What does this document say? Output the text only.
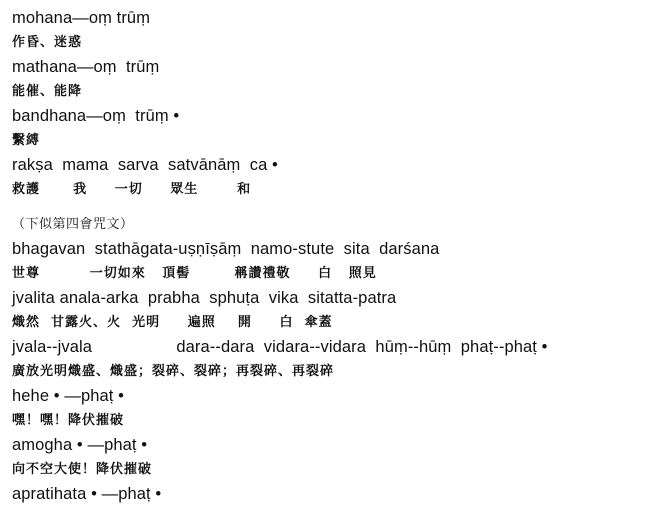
mohana—oṃ trūṃ
作昏、迷惑
mathana—oṃ  trūṃ
能催、能降
bandhana—oṃ  trūṃ •
繫縛
rakṣa  mama  sarva  satvānāṃ  ca •
救護      我     一切     眾生       和
（下似第四會咒文）
bhagavan  stathāgata-uṣṇīṣāṃ  namo-stute  sita  darśana
世尊         一切如來   頂髻        稱讚禮敬     白   照見
jvalita anala-arka  prabha  sphuṭa  vika  sitatta-patra
熾然  甘露火、火  光明     遍照    開     白  傘蓋
jvala--jvala                  dara--dara  vidara--vidara  hūṃ--hūṃ  phaṭ--phaṭ •
廣放光明熾盛、熾盛；裂碎、裂碎；再裂碎、再裂碎
hehe • —phaṭ •
嘿！嘿！降伏摧破
amogha • —phaṭ •
向不空大使！降伏摧破
apratihata • —phaṭ •
